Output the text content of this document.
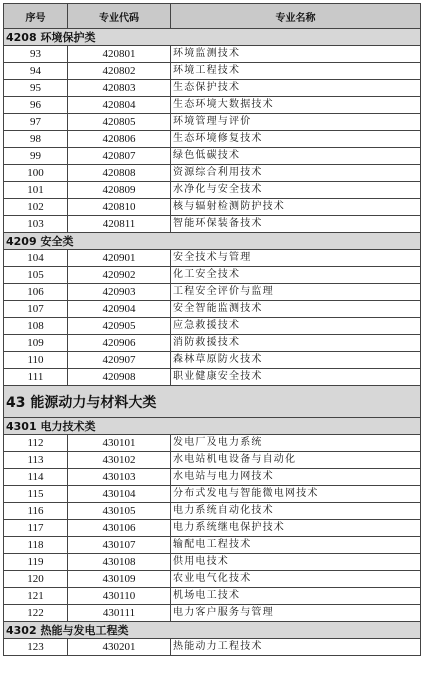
序号	专业代码	专业名称
4208 环境保护类		
93	420801	环境监测技术
94	420802	环境工程技术
95	420803	生态保护技术
96	420804	生态环境大数据技术
97	420805	环境管理与评价
98	420806	生态环境修复技术
99	420807	绿色低碳技术
100	420808	资源综合利用技术
101	420809	水净化与安全技术
102	420810	核与辐射检测防护技术
103	420811	智能环保装备技术
4209 安全类		
104	420901	安全技术与管理
105	420902	化工安全技术
106	420903	工程安全评价与监理
107	420904	安全智能监测技术
108	420905	应急救援技术
109	420906	消防救援技术
110	420907	森林草原防火技术
111	420908	职业健康安全技术
43 能源动力与材料大类		
4301 电力技术类		
112	430101	发电厂及电力系统
113	430102	水电站机电设备与自动化
114	430103	水电站与电力网技术
115	430104	分布式发电与智能微电网技术
116	430105	电力系统自动化技术
117	430106	电力系统继电保护技术
118	430107	输配电工程技术
119	430108	供用电技术
120	430109	农业电气化技术
121	430110	机场电工技术
122	430111	电力客户服务与管理
4302 热能与发电工程类		
123	430201	热能动力工程技术
